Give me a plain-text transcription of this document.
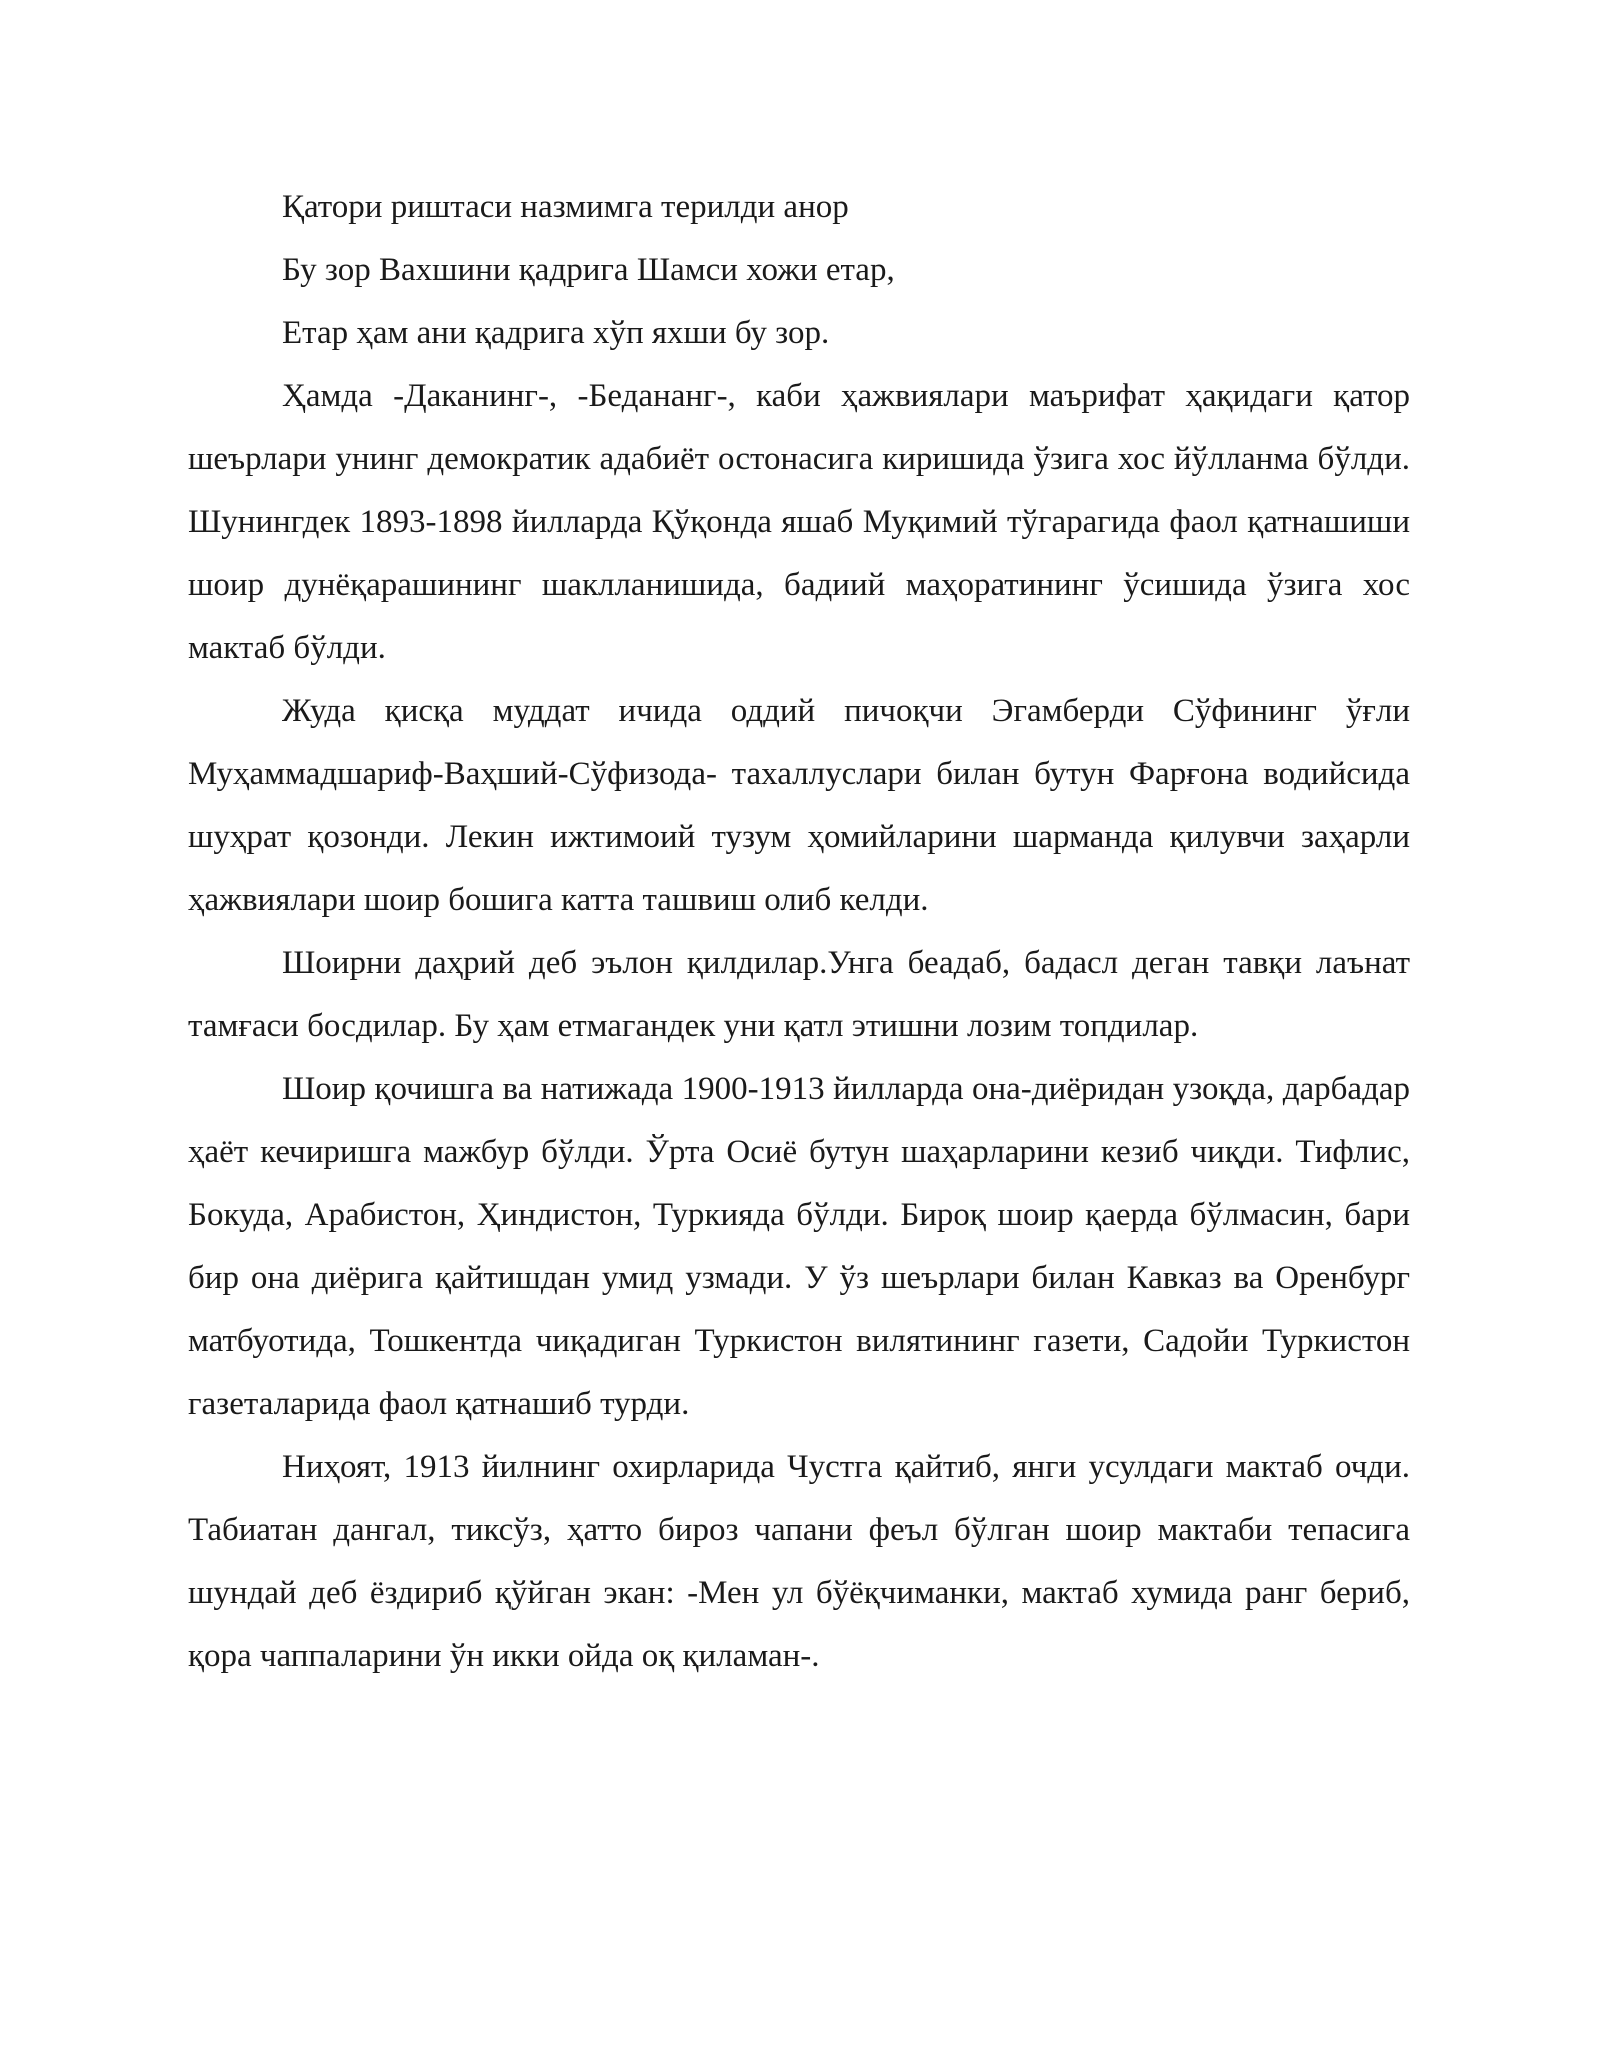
Қатори риштаси назмимга терилди анор

Бу зор Вахшини қадрига Шамси хожи етар,

Етар ҳам ани қадрига хўп яхши бу зор.

Ҳамда -Даканинг-, -Бедананг-, каби ҳажвиялари маърифат ҳақидаги қатор шеърлари унинг демократик адабиёт остонасига киришида ўзига хос йўлланма бўлди. Шунингдек 1893-1898 йилларда Қўқонда яшаб Муқимий тўгарагида фаол қатнашиши шоир дунёқарашининг шаклланишида, бадиий маҳоратининг ўсишида ўзига хос мактаб бўлди.

Жуда қисқа муддат ичида оддий пичоқчи Эгамберди Сўфининг ўғли Муҳаммадшариф-Ваҳший-Сўфизода- тахаллуслари билан бутун Фарғона водийсида шуҳрат қозонди. Лекин ижтимоий тузум ҳомийларини шарманда қилувчи заҳарли ҳажвиялари шоир бошига катта ташвиш олиб келди.

Шоирни даҳрий деб эълон қилдилар.Унга беадаб, бадасл деган тавқи лаънат тамғаси босдилар. Бу ҳам етмагандек уни қатл этишни лозим топдилар.

Шоир қочишга ва натижада 1900-1913 йилларда она-диёридан узоқда, дарбадар ҳаёт кечиришга мажбур бўлди. Ўрта Осиё бутун шаҳарларини кезиб чиқди. Тифлис, Бокуда, Арабистон, Ҳиндистон, Туркияда бўлди. Бироқ шоир қаерда бўлмасин, бари бир она диёрига қайтишдан умид узмади. У ўз шеърлари билан Кавказ ва Оренбург матбуотида, Тошкентда чиқадиган Туркистон вилятининг газети, Садойи Туркистон газеталарида фаол қатнашиб турди.

Ниҳоят, 1913 йилнинг охирларида Чустга қайтиб, янги усулдаги мактаб очди. Табиатан дангал, тиксўз, ҳатто бироз чапани феъл бўлган шоир мактаби тепасига шундай деб ёздириб қўйган экан: -Мен ул бўёқчиманки, мактаб хумида ранг бериб, қора чаппаларини ўн икки ойда оқ қиламан-.
